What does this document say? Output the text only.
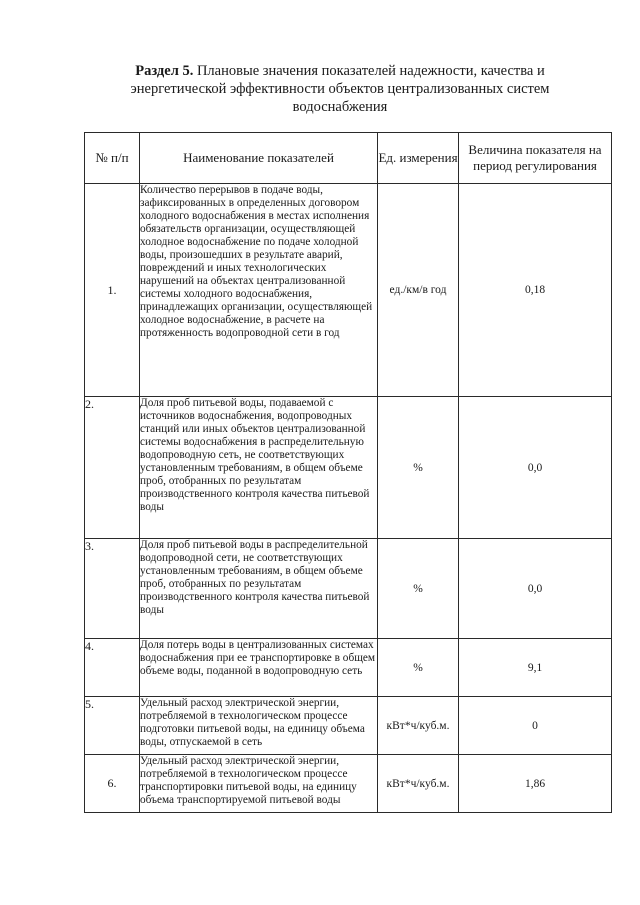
Раздел 5. Плановые значения показателей надежности, качества и энергетической эффективности объектов централизованных систем водоснабжения
№ п/п	Наименование показателей	Ед. измерения	Величина показателя на период регулирования
1.	Количество перерывов в подаче воды, зафиксированных в определенных договором холодного водоснабжения в местах исполнения обязательств организации, осуществляющей холодное водоснабжение по подаче холодной воды, произошедших в результате аварий, повреждений и иных технологических нарушений на объектах централизованной системы холодного водоснабжения, принадлежащих организации, осуществляющей холодное водоснабжение, в расчете на протяженность водопроводной сети в год	ед./км/в год	0,18
2.	Доля проб питьевой воды, подаваемой с источников водоснабжения, водопроводных станций или иных объектов централизованной системы водоснабжения в распределительную водопроводную сеть, не соответствующих установленным требованиям, в общем объеме проб, отобранных по результатам производственного контроля качества питьевой воды	%	0,0
3.	Доля проб питьевой воды в распределительной водопроводной сети, не соответствующих установленным требованиям, в общем объеме проб, отобранных по результатам производственного контроля качества питьевой воды	%	0,0
4.	Доля потерь воды в централизованных системах водоснабжения при ее транспортировке в общем объеме воды, поданной в водопроводную сеть	%	9,1
5.	Удельный расход электрической энергии, потребляемой в технологическом процессе подготовки питьевой воды, на единицу объема воды, отпускаемой в сеть	кВт*ч/куб.м.	0
6.	Удельный расход электрической энергии, потребляемой в технологическом процессе транспортировки питьевой воды, на единицу объема транспортируемой питьевой воды	кВт*ч/куб.м.	1,86
